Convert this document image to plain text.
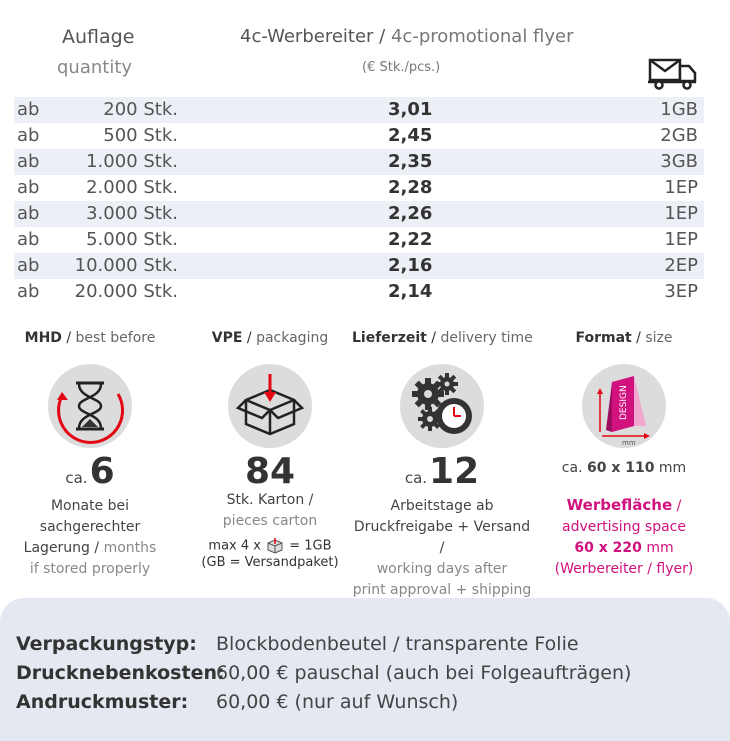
Auflage
quantity
4c-Werbereiter / 4c-promotional flyer
(€ Stk./pcs.)
ab	200 Stk.	3,01	1GB
ab	500 Stk.	2,45	2GB
ab	1.000 Stk.	2,35	3GB
ab	2.000 Stk.	2,28	1EP
ab	3.000 Stk.	2,26	1EP
ab	5.000 Stk.	2,22	1EP
ab 10.000 Stk.	2,16	2EP
ab 20.000 Stk.	2,14	3EP
MHD / best before
ca.6
Monate bei
sachgerechter
Lagerung / months
if stored properly
VPE / packaging
84
Stk. Karton /
pieces carton
max 4 x = 1GB
(GB = Versandpaket)
Lieferzeit / delivery time
ca.12
Arbeitstage ab
Druckfreigabe + Versand /
working days after
print approval + shipping
Format / size
DESIGN
mm
ca. 60 x 110 mm
Werbefläche /
advertising space
60 x 220 mm
(Werbereiter / flyer)
Verpackungstyp: Blockbodenbeutel / transparente Folie
Drucknebenkosten:60,00 € pauschal (auch bei Folgeaufträgen)
Andruckmuster: 60,00 € (nur auf Wunsch)
